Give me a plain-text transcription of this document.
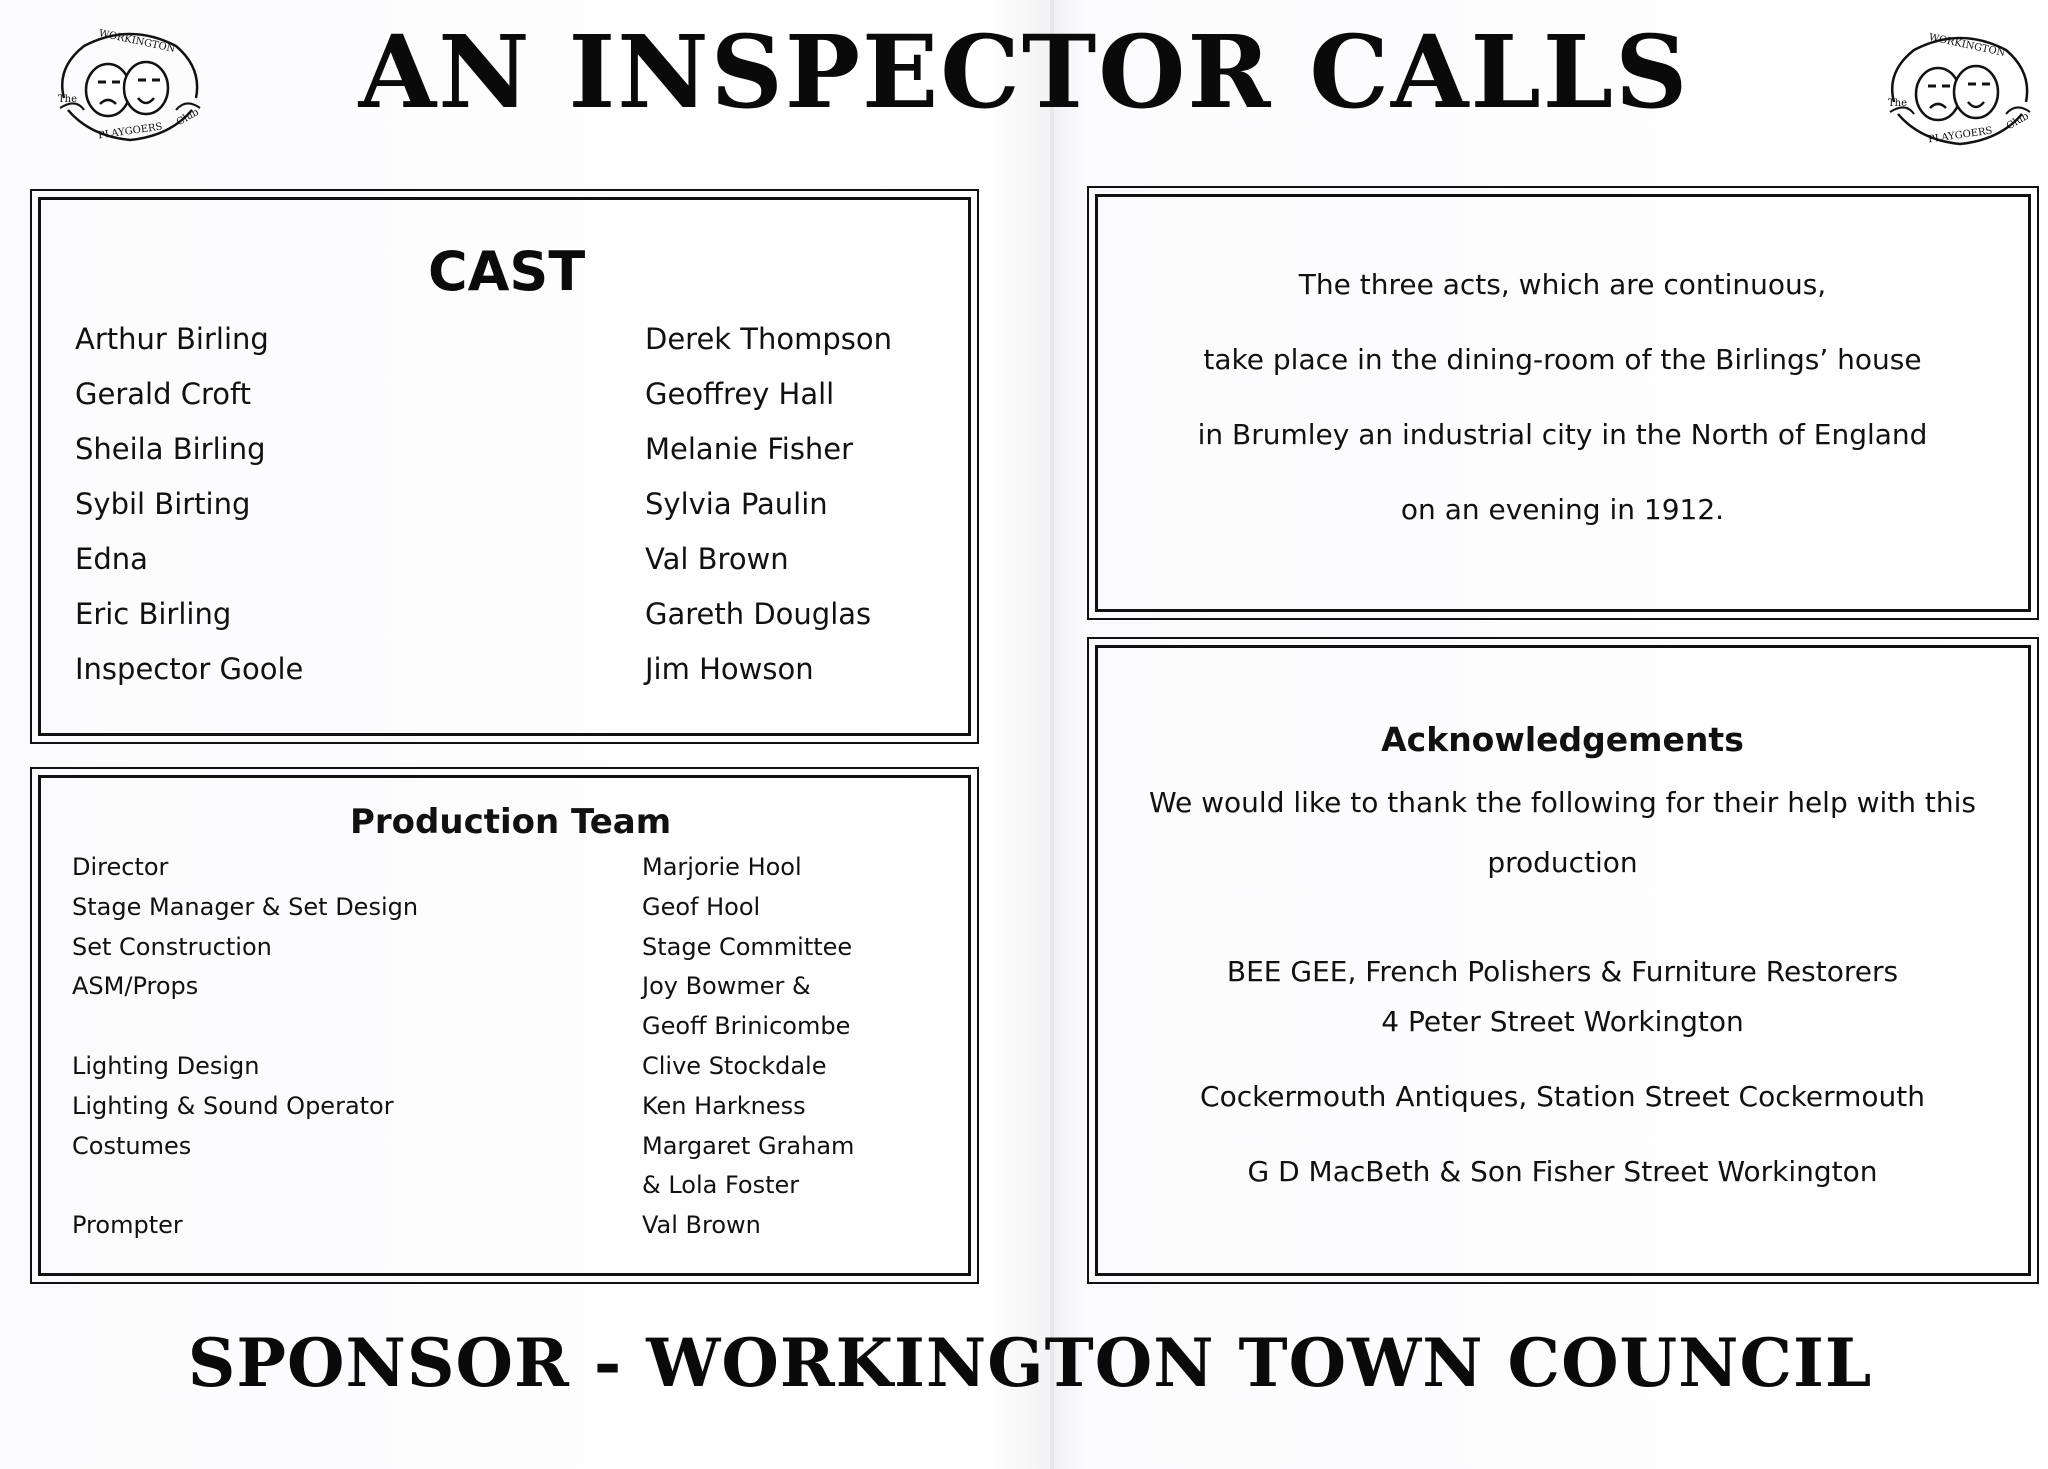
WORKINGTON
The
Club
PLAYGOERS
WORKINGTON
The
Club
PLAYGOERS
AN INSPECTOR CALLS
CAST
Arthur Birling
Gerald Croft
Sheila Birling
Sybil Birting
Edna
Eric Birling
Inspector Goole
Derek Thompson
Geoffrey Hall
Melanie Fisher
Sylvia Paulin
Val Brown
Gareth Douglas
Jim Howson
Production Team
Director
Stage Manager & Set Design
Set Construction
ASM/Props
Lighting Design
Lighting & Sound Operator
Costumes
Prompter
Marjorie Hool
Geof Hool
Stage Committee
Joy Bowmer &
Geoff Brinicombe
Clive Stockdale
Ken Harkness
Margaret Graham
& Lola Foster
Val Brown
The three acts, which are continuous,
take place in the dining-room of the Birlings’ house
in Brumley an industrial city in the North of England
on an evening in 1912.
Acknowledgements
We would like to thank the following for their help with this
production
BEE GEE, French Polishers & Furniture Restorers
4 Peter Street Workington
Cockermouth Antiques, Station Street Cockermouth
G D MacBeth & Son Fisher Street Workington
SPONSOR - WORKINGTON TOWN COUNCIL
